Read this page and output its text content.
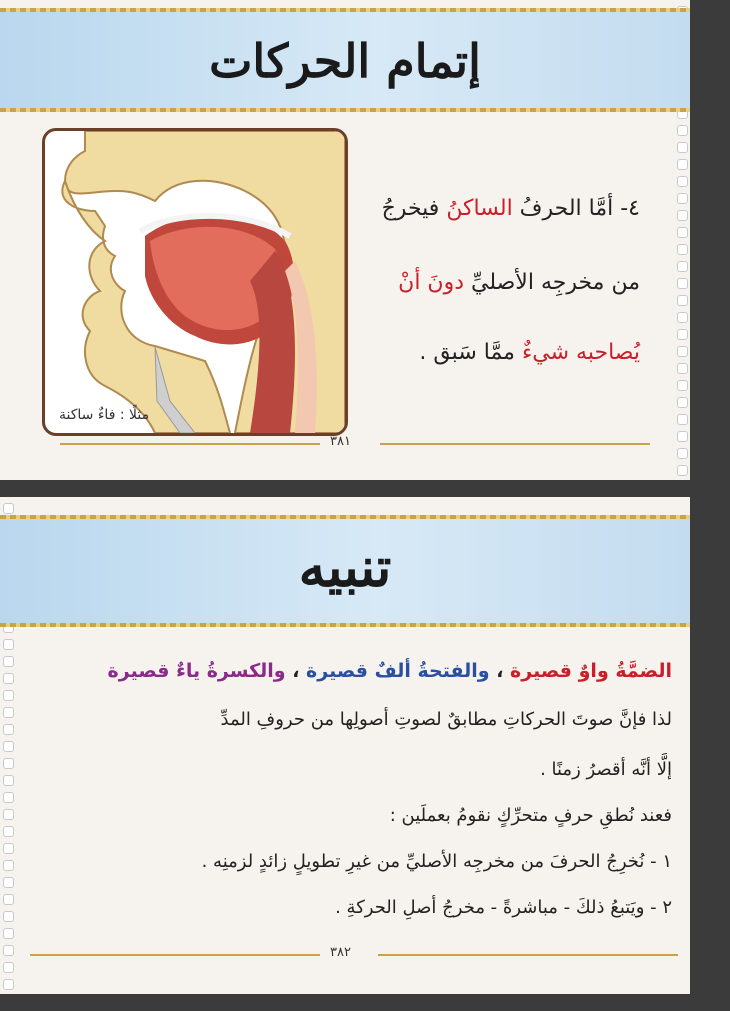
إتمام الحركات
مثلًا : فاءٌ ساكنة
٤- أمَّا الحرفُ الساكنُ فيخرجُ
من مخرجِه الأصليِّ دونَ أنْ
يُصاحبه شيءٌ ممَّا سَبق .
٣٨١
تنبيه
الضمَّةُ واوٌ قصيرة ، والفتحةُ ألفٌ قصيرة ، والكسرةُ ياءٌ قصيرة
لذا فإنَّ صوتَ الحركاتِ مطابقٌ لصوتِ أصولِها من حروفِ المدِّ
إلَّا أنَّه أقصرُ زمنًا .
فعند نُطقِ حرفٍ متحرِّكٍ نقومُ بعملَين :
١ - نُخرِجُ الحرفَ من مخرجِه الأصليِّ من غيرِ تطويلٍ زائدٍ لزمنِه .
٢ - ويَتبعُ ذلكَ - مباشرةً - مخرجُ أصلِ الحركةِ .
٣٨٢
